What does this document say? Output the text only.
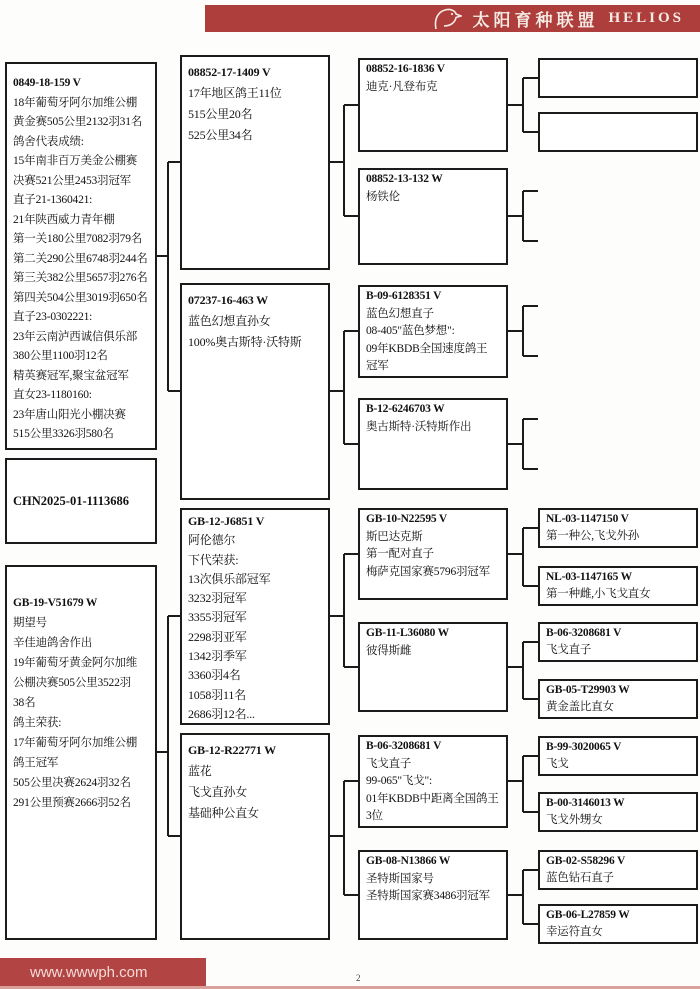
太阳育种联盟 HELIOS
0849-18-159 V
18年葡萄牙阿尔加维公棚
黄金赛505公里2132羽31名
鸽舍代表成绩:
15年南非百万美金公棚赛
决赛521公里2453羽冠军
直子21-1360421:
21年陕西威力青年棚
第一关180公里7082羽79名
第二关290公里6748羽244名
第三关382公里5657羽276名
第四关504公里3019羽650名
直子23-0302221:
23年云南泸西诚信俱乐部
380公里1100羽12名
精英赛冠军,聚宝盆冠军
直女23-1180160:
23年唐山阳光小棚决赛
515公里3326羽580名
CHN2025-01-1113686
GB-19-V51679 W
期望号
辛佳迪鸽舍作出
19年葡萄牙黄金阿尔加维
公棚决赛505公里3522羽
38名
鸽主荣获:
17年葡萄牙阿尔加维公棚
鸽王冠军
505公里决赛2624羽32名
291公里预赛2666羽52名
08852-17-1409 V
17年地区鸽王11位
515公里20名
525公里34名
07237-16-463 W
蓝色幻想直孙女
100%奥古斯特·沃特斯
GB-12-J6851 V
阿伦德尔
下代荣获:
13次俱乐部冠军
3232羽冠军
3355羽冠军
2298羽亚军
1342羽季军
3360羽4名
1058羽11名
2686羽12名...
GB-12-R22771 W
蓝花
飞戈直孙女
基础种公直女
08852-16-1836 V
迪克·凡登布克
08852-13-132 W
杨铁伦
B-09-6128351 V
蓝色幻想直子
08-405"蓝色梦想":
09年KBDB全国速度鸽王
冠军
B-12-6246703 W
奥古斯特·沃特斯作出
GB-10-N22595 V
斯巴达克斯
第一配对直子
梅萨克国家赛5796羽冠军
GB-11-L36080 W
彼得斯雌
B-06-3208681 V
飞戈直子
99-065"飞戈":
01年KBDB中距离全国鸽王
3位
GB-08-N13866 W
圣特斯国家号
圣特斯国家赛3486羽冠军
NL-03-1147150 V
第一种公,飞戈外孙
NL-03-1147165 W
第一种雌,小飞戈直女
B-06-3208681 V
飞戈直子
GB-05-T29903 W
黄金盖比直女
B-99-3020065 V
飞戈
B-00-3146013 W
飞戈外甥女
GB-02-S58296 V
蓝色钻石直子
GB-06-L27859 W
幸运符直女
www.wwwph.com	2
